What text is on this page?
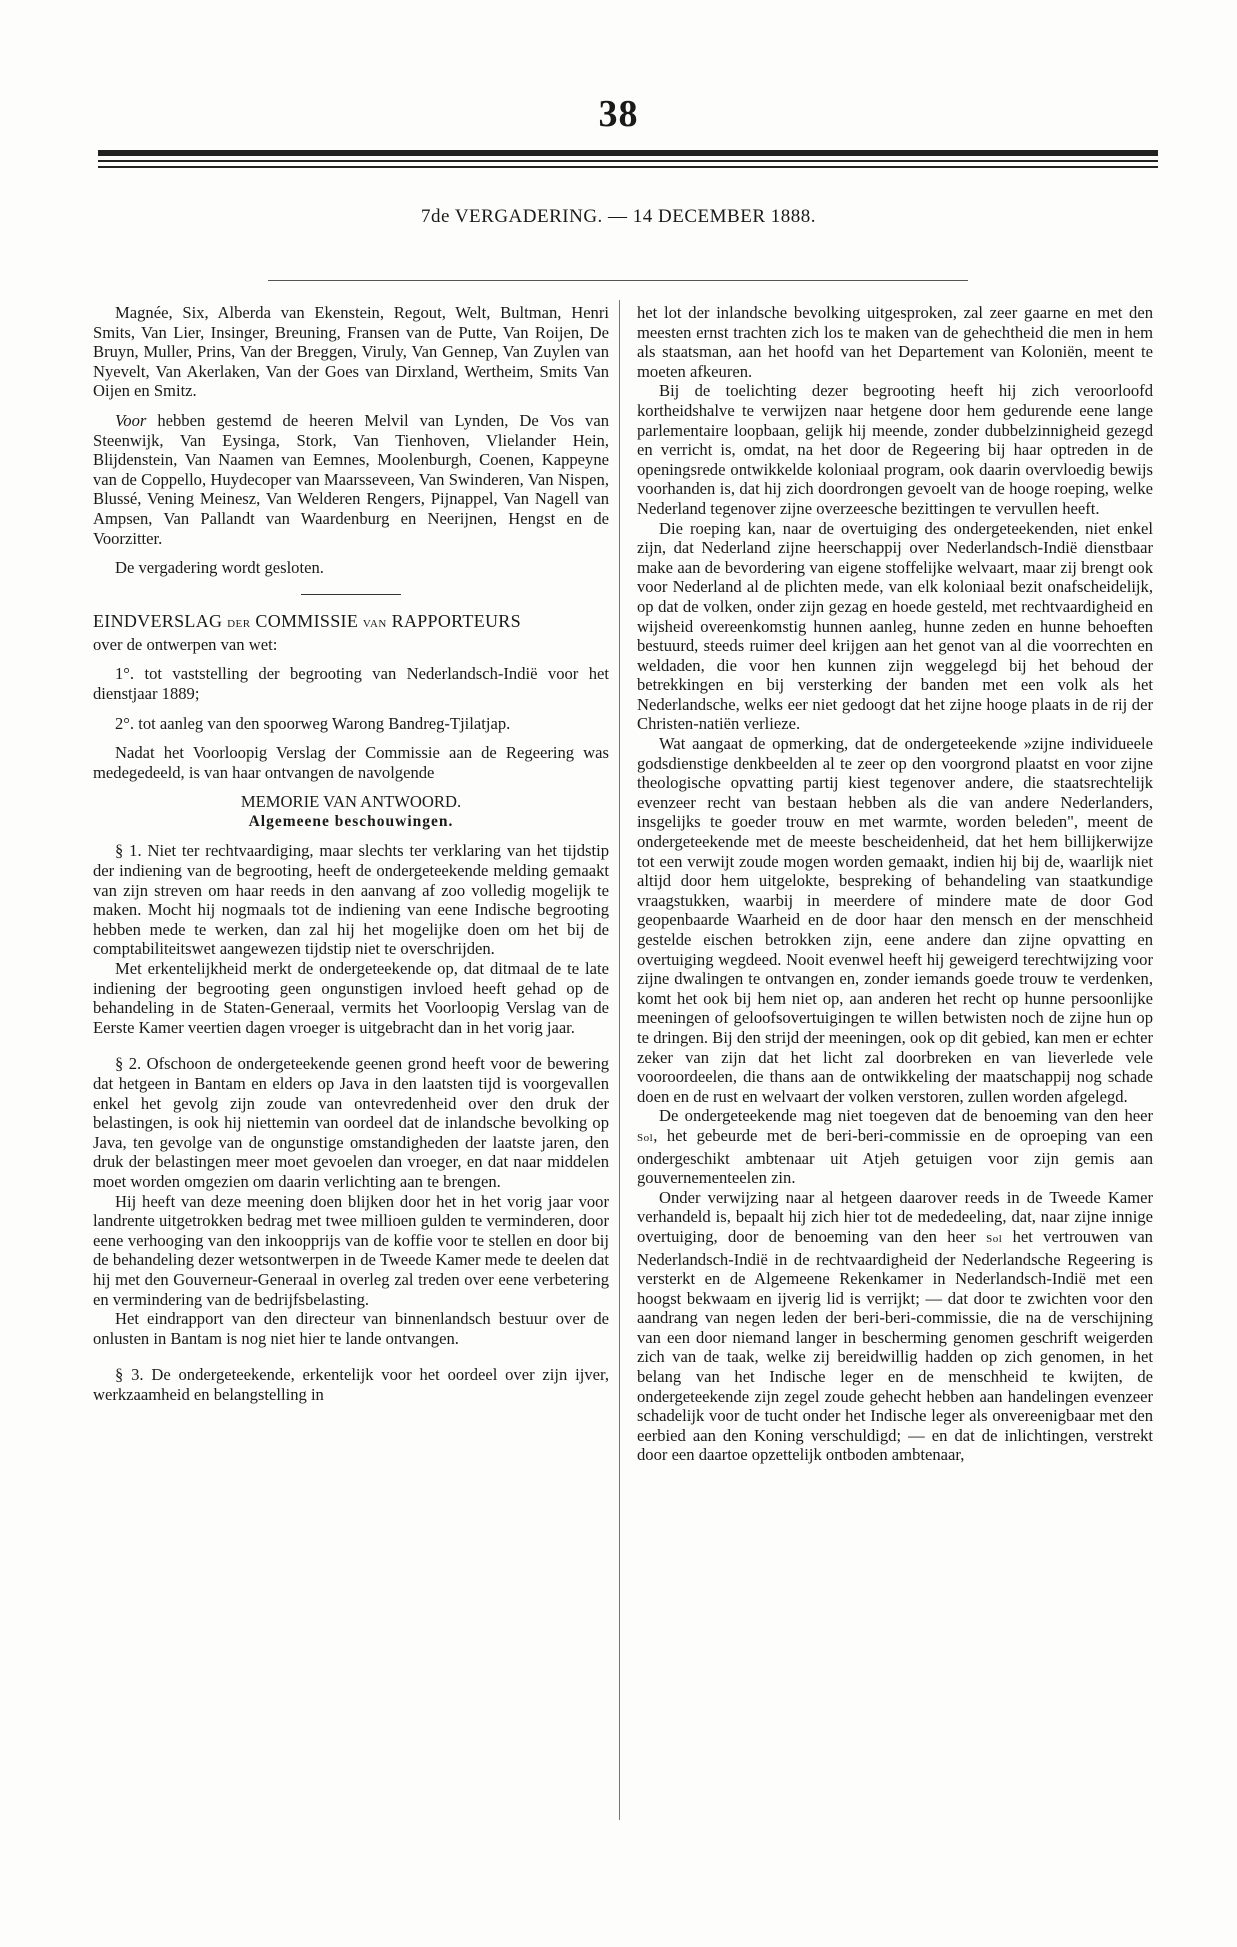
38
7de VERGADERING. — 14 DECEMBER 1888.

Magnée, Six, Alberda van Ekenstein, Regout, Welt, Bultman, Henri Smits, Van Lier, Insinger, Breuning, Fransen van de Putte, Van Roijen, De Bruyn, Muller, Prins, Van der Breggen, Viruly, Van Gennep, Van Zuylen van Nyevelt, Van Akerlaken, Van der Goes van Dirxland, Wertheim, Smits Van Oijen en Smitz.

Voor hebben gestemd de heeren Melvil van Lynden, De Vos van Steenwijk, Van Eysinga, Stork, Van Tienhoven, Vlielander Hein, Blijdenstein, Van Naamen van Eemnes, Moolenburgh, Coenen, Kappeyne van de Coppello, Huydecoper van Maarsseveen, Van Swinderen, Van Nispen, Blussé, Vening Meinesz, Van Welderen Rengers, Pijnappel, Van Nagell van Ampsen, Van Pallandt van Waardenburg en Neerijnen, Hengst en de Voorzitter.

De vergadering wordt gesloten.

EINDVERSLAG DER COMMISSIE VAN RAPPORTEURS

over de ontwerpen van wet:

1°. tot vaststelling der begrooting van Nederlandsch-Indië voor het dienstjaar 1889;

2°. tot aanleg van den spoorweg Warong Bandreg-Tjilatjap.

Nadat het Voorloopig Verslag der Commissie aan de Regeering was medegedeeld, is van haar ontvangen de navolgende

MEMORIE VAN ANTWOORD.

Algemeene beschouwingen.

§ 1. Niet ter rechtvaardiging, maar slechts ter verklaring van het tijdstip der indiening van de begrooting, heeft de ondergeteekende melding gemaakt van zijn streven om haar reeds in den aanvang af zoo volledig mogelijk te maken. Mocht hij nogmaals tot de indiening van eene Indische begrooting hebben mede te werken, dan zal hij het mogelijke doen om het bij de comptabiliteitswet aangewezen tijdstip niet te overschrijden.

Met erkentelijkheid merkt de ondergeteekende op, dat ditmaal de te late indiening der begrooting geen ongunstigen invloed heeft gehad op de behandeling in de Staten-Generaal, vermits het Voorloopig Verslag van de Eerste Kamer veertien dagen vroeger is uitgebracht dan in het vorig jaar.

§ 2. Ofschoon de ondergeteekende geenen grond heeft voor de bewering dat hetgeen in Bantam en elders op Java in den laatsten tijd is voorgevallen enkel het gevolg zijn zoude van ontevredenheid over den druk der belastingen, is ook hij niettemin van oordeel dat de inlandsche bevolking op Java, ten gevolge van de ongunstige omstandigheden der laatste jaren, den druk der belastingen meer moet gevoelen dan vroeger, en dat naar middelen moet worden omgezien om daarin verlichting aan te brengen.

Hij heeft van deze meening doen blijken door het in het vorig jaar voor landrente uitgetrokken bedrag met twee millioen gulden te verminderen, door eene verhooging van den inkoopprijs van de koffie voor te stellen en door bij de behandeling dezer wetsontwerpen in de Tweede Kamer mede te deelen dat hij met den Gouverneur-Generaal in overleg zal treden over eene verbetering en vermindering van de bedrijfsbelasting.

Het eindrapport van den directeur van binnenlandsch bestuur over de onlusten in Bantam is nog niet hier te lande ontvangen.

§ 3. De ondergeteekende, erkentelijk voor het oordeel over zijn ijver, werkzaamheid en belangstelling in

het lot der inlandsche bevolking uitgesproken, zal zeer gaarne en met den meesten ernst trachten zich los te maken van de gehechtheid die men in hem als staatsman, aan het hoofd van het Departement van Koloniën, meent te moeten afkeuren.

Bij de toelichting dezer begrooting heeft hij zich veroorloofd kortheidshalve te verwijzen naar hetgene door hem gedurende eene lange parlementaire loopbaan, gelijk hij meende, zonder dubbelzinnigheid gezegd en verricht is, omdat, na het door de Regeering bij haar optreden in de openingsrede ontwikkelde koloniaal program, ook daarin overvloedig bewijs voorhanden is, dat hij zich doordrongen gevoelt van de hooge roeping, welke Nederland tegenover zijne overzeesche bezittingen te vervullen heeft.

Die roeping kan, naar de overtuiging des ondergeteekenden, niet enkel zijn, dat Nederland zijne heerschappij over Nederlandsch-Indië dienstbaar make aan de bevordering van eigene stoffelijke welvaart, maar zij brengt ook voor Nederland al de plichten mede, van elk koloniaal bezit onafscheidelijk, op dat de volken, onder zijn gezag en hoede gesteld, met rechtvaardigheid en wijsheid overeenkomstig hunnen aanleg, hunne zeden en hunne behoeften bestuurd, steeds ruimer deel krijgen aan het genot van al die voorrechten en weldaden, die voor hen kunnen zijn weggelegd bij het behoud der betrekkingen en bij versterking der banden met een volk als het Nederlandsche, welks eer niet gedoogt dat het zijne hooge plaats in de rij der Christen-natiën verlieze.

Wat aangaat de opmerking, dat de ondergeteekende »zijne individueele godsdienstige denkbeelden al te zeer op den voorgrond plaatst en voor zijne theologische opvatting partij kiest tegenover andere, die staatsrechtelijk evenzeer recht van bestaan hebben als die van andere Nederlanders, insgelijks te goeder trouw en met warmte, worden beleden", meent de ondergeteekende met de meeste bescheidenheid, dat het hem billijkerwijze tot een verwijt zoude mogen worden gemaakt, indien hij bij de, waarlijk niet altijd door hem uitgelokte, bespreking of behandeling van staatkundige vraagstukken, waarbij in meerdere of mindere mate de door God geopenbaarde Waarheid en de door haar den mensch en der menschheid gestelde eischen betrokken zijn, eene andere dan zijne opvatting en overtuiging wegdeed. Nooit evenwel heeft hij geweigerd terechtwijzing voor zijne dwalingen te ontvangen en, zonder iemands goede trouw te verdenken, komt het ook bij hem niet op, aan anderen het recht op hunne persoonlijke meeningen of geloofsovertuigingen te willen betwisten noch de zijne hun op te dringen. Bij den strijd der meeningen, ook op dit gebied, kan men er echter zeker van zijn dat het licht zal doorbreken en van lieverlede vele vooroordeelen, die thans aan de ontwikkeling der maatschappij nog schade doen en de rust en welvaart der volken verstoren, zullen worden afgelegd.

De ondergeteekende mag niet toegeven dat de benoeming van den heer Sol, het gebeurde met de beri-beri-commissie en de oproeping van een ondergeschikt ambtenaar uit Atjeh getuigen voor zijn gemis aan gouvernementeelen zin.

Onder verwijzing naar al hetgeen daarover reeds in de Tweede Kamer verhandeld is, bepaalt hij zich hier tot de mededeeling, dat, naar zijne innige overtuiging, door de benoeming van den heer Sol het vertrouwen van Nederlandsch-Indië in de rechtvaardigheid der Nederlandsche Regeering is versterkt en de Algemeene Rekenkamer in Nederlandsch-Indië met een hoogst bekwaam en ijverig lid is verrijkt; — dat door te zwichten voor den aandrang van negen leden der beri-beri-commissie, die na de verschijning van een door niemand langer in bescherming genomen geschrift weigerden zich van de taak, welke zij bereidwillig hadden op zich genomen, in het belang van het Indische leger en de menschheid te kwijten, de ondergeteekende zijn zegel zoude gehecht hebben aan handelingen evenzeer schadelijk voor de tucht onder het Indische leger als onvereenigbaar met den eerbied aan den Koning verschuldigd; — en dat de inlichtingen, verstrekt door een daartoe opzettelijk ontboden ambtenaar,
